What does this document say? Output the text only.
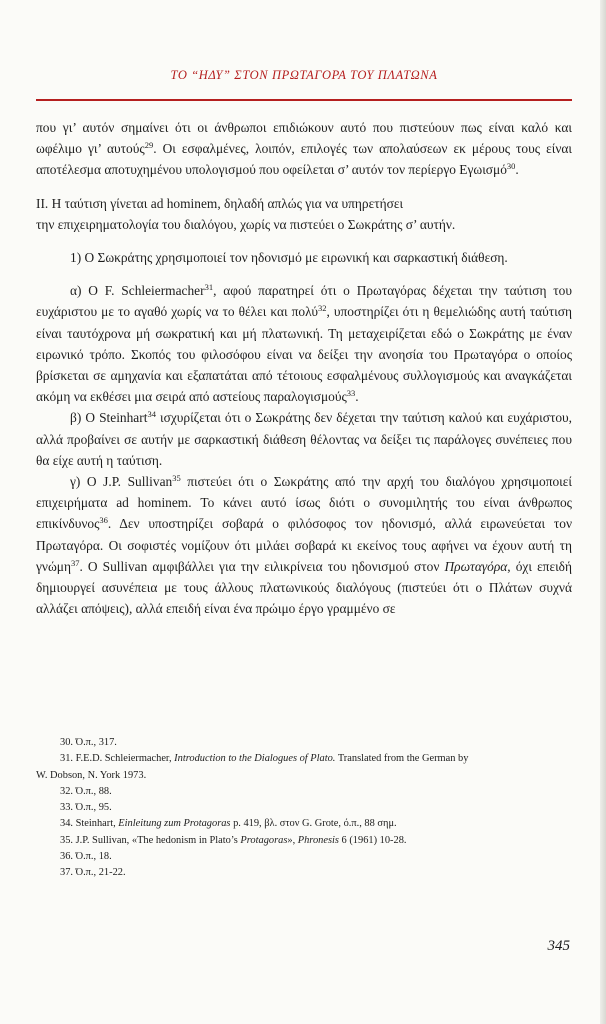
ΤΟ “ΗΔΥ” ΣΤΟΝ ΠΡΩΤΑΓΟΡΑ ΤΟΥ ΠΛΑΤΩΝΑ

που γι’ αυτόν σημαίνει ότι οι άνθρωποι επιδιώκουν αυτό που πιστεύουν πως είναι καλό και ωφέλιμο γι’ αυτούς$^{29}$. Οι εσφαλμένες, λοιπόν, επιλογές των απολαύσεων εκ μέρους τους είναι αποτέλεσμα αποτυχημένου υπολογισμού που οφείλεται σ’ αυτόν τον περίεργο Εγωισμό$^{30}$.

ΙΙ. Η ταύτιση γίνεται ad hominem, δηλαδή απλώς για να υπηρετήσει
την επιχειρηματολογία του διαλόγου, χωρίς να πιστεύει ο Σωκράτης σ’ αυτήν.

1) Ο Σωκράτης χρησιμοποιεί τον ηδονισμό με ειρωνική και σαρκαστική διάθεση.

α) Ο F. Schleiermacher$^{31}$, αφού παρατηρεί ότι ο Πρωταγόρας δέχεται την ταύτιση του ευχάριστου με το αγαθό χωρίς να το θέλει και πολύ$^{32}$, υποστηρίζει ότι η θεμελιώδης αυτή ταύτιση είναι ταυτόχρονα μή σωκρατική και μή πλατωνική. Τη μεταχειρίζεται εδώ ο Σωκράτης με έναν ειρωνικό τρόπο. Σκοπός του φιλοσόφου είναι να δείξει την ανοησία του Πρωταγόρα ο οποίος βρίσκεται σε αμηχανία και εξαπατάται από τέτοιους εσφαλμένους συλλογισμούς και αναγκάζεται ακόμη να εκθέσει μια σειρά από αστείους παραλογισμούς$^{33}$.

β) Ο Steinhart$^{34}$ ισχυρίζεται ότι ο Σωκράτης δεν δέχεται την ταύτιση καλού και ευχάριστου, αλλά προβαίνει σε αυτήν με σαρκαστική διάθεση θέλοντας να δείξει τις παράλογες συνέπειες που θα είχε αυτή η ταύτιση.

γ) Ο J.P. Sullivan$^{35}$ πιστεύει ότι ο Σωκράτης από την αρχή του διαλόγου χρησιμοποιεί επιχειρήματα ad hominem. Το κάνει αυτό ίσως διότι ο συνομιλητής του είναι άνθρωπος επικίνδυνος$^{36}$. Δεν υποστηρίζει σοβαρά ο φιλόσοφος τον ηδονισμό, αλλά ειρωνεύεται τον Πρωταγόρα. Οι σοφιστές νομίζουν ότι μιλάει σοβαρά κι εκείνος τους αφήνει να έχουν αυτή τη γνώμη$^{37}$. Ο Sullivan αμφιβάλλει για την ειλικρίνεια του ηδονισμού στον Πρωταγόρα, όχι επειδή δημιουργεί ασυνέπεια με τους άλλους πλατωνικούς διαλόγους (πιστεύει ότι ο Πλάτων συχνά αλλάζει απόψεις), αλλά επειδή είναι ένα πρώιμο έργο γραμμένο σε

30. Ό.π., 317.

31. F.E.D. Schleiermacher, Introduction to the Dialogues of Plato. Translated from the German by

W. Dobson, N. York 1973.

32. Ό.π., 88.

33. Ό.π., 95.

34. Steinhart, Einleitung zum Protagoras p. 419, βλ. στον G. Grote, ό.π., 88 σημ.

35. J.P. Sullivan, «The hedonism in Plato’s Protagoras», Phronesis 6 (1961) 10-28.

36. Ό.π., 18.

37. Ό.π., 21-22.

345
